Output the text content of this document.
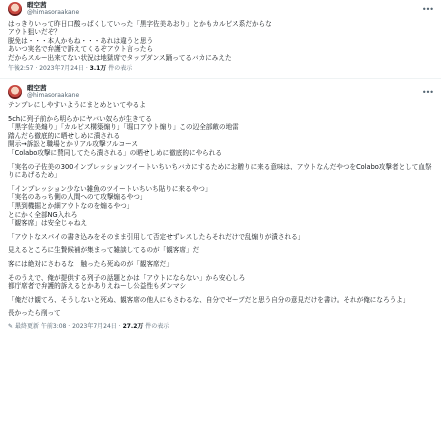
暇空茜
@himasoraakane	•••
はっきりいって昨日口酸っぱくしていった「黒字佐美あおり」とかもカルビス系だからな
アウト狙いだぞ？
脱免は・・・本人かもね・・・あれは違うと思う
あいつ実名で弁護で訴えてくるぞアウト言ったら
だからスルー出来てない状況は地獄席でタップダンス踊ってるバカにみえた
午後2:57 · 2023年7月24日 · 3.1万 件の表示
暇空茜
@himasoraakane	•••

テンプレにしやすいようにまとめといてやるよ

5chに列子前から明らかにヤバい奴らが生きてる
「黒字佐美煽り」「カルビス構築煽り」「堀口アウト煽り」この辺全部敵の地雷
踏んだら徹底的に晒せしめに潰される
開示→訴訟と職場とかリアル攻撃フルコース
「Colabo攻撃に賛同してたら潰される」の晒せしめに徹底的にやられる

「実名の子佐美の300インプレッションツイートいちいちバカにするためにお贈りに来る意味は、アウトなんだやつをColabo攻撃者として血祭りにあげるため」

「インプレッション少ない雑魚のツイートいちいち貼りに来るやつ」
「実名のあっち側の人間へのて攻撃煽るやつ」
「黒到機掘とか細アウトなのを煽るやつ」
とにかく全部NG入れろ
「観客席」は安全じゃねえ

「アウトなスパイの書き込みをそのまま引用して否定せずレスしたらそれだけで乱煽りが潰される」

見えるところに生贄候補が集まって雑談してるのが「観客席」だ

客には絶対にさわるな　触ったら死ぬのが「観客席だ」

そのうえで、俺が提供する列子の話題とかは「アウトにならない」から安心しろ
都庁席者で弁護的訴えるとかありえねーし公益性もダンマシ

「俺だけ観てろ、そうしないと死ぬ、観客席の他人にもさわるな、自分でゼーブだと思う自分の意見だけを書け。それが俺になろうよ」

長かったら削って

✎ 最終更新 午前3:08 · 2023年7月24日 · 27.2万 件の表示
